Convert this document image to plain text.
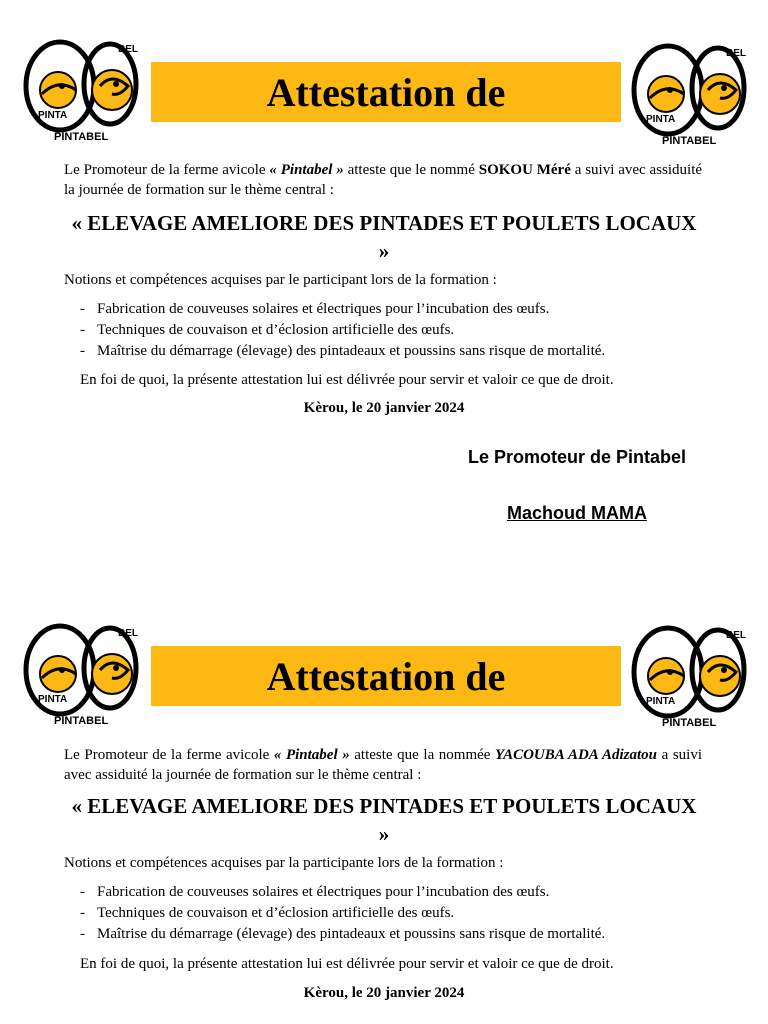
BEL
PINTA
PINTABEL
Attestation de
BEL
PINTA
PINTABEL

Le Promoteur de la ferme avicole « Pintabel » atteste que le nommé SOKOU Méré a suivi avec assiduité la journée de formation sur le thème central :

« ELEVAGE AMELIORE DES PINTADES ET POULETS LOCAUX »
Notions et compétences acquises par le participant lors de la formation :
- Fabrication de couveuses solaires et électriques pour l’incubation des œufs.
- Techniques de couvaison et d’éclosion artificielle des œufs.
- Maîtrise du démarrage (élevage) des pintadeaux et poussins sans risque de mortalité.
En foi de quoi, la présente attestation lui est délivrée pour servir et valoir ce que de droit.
Kèrou, le 20 janvier 2024
Le Promoteur de Pintabel
Machoud MAMA
BEL
PINTA
PINTABEL
Attestation de
BEL
PINTA
PINTABEL

Le Promoteur de la ferme avicole « Pintabel » atteste que la nommée YACOUBA ADA Adizatou a suivi avec assiduité la journée de formation sur le thème central :

« ELEVAGE AMELIORE DES PINTADES ET POULETS LOCAUX »
Notions et compétences acquises par la participante lors de la formation :
- Fabrication de couveuses solaires et électriques pour l’incubation des œufs.
- Techniques de couvaison et d’éclosion artificielle des œufs.
- Maîtrise du démarrage (élevage) des pintadeaux et poussins sans risque de mortalité.
En foi de quoi, la présente attestation lui est délivrée pour servir et valoir ce que de droit.
Kèrou, le 20 janvier 2024
